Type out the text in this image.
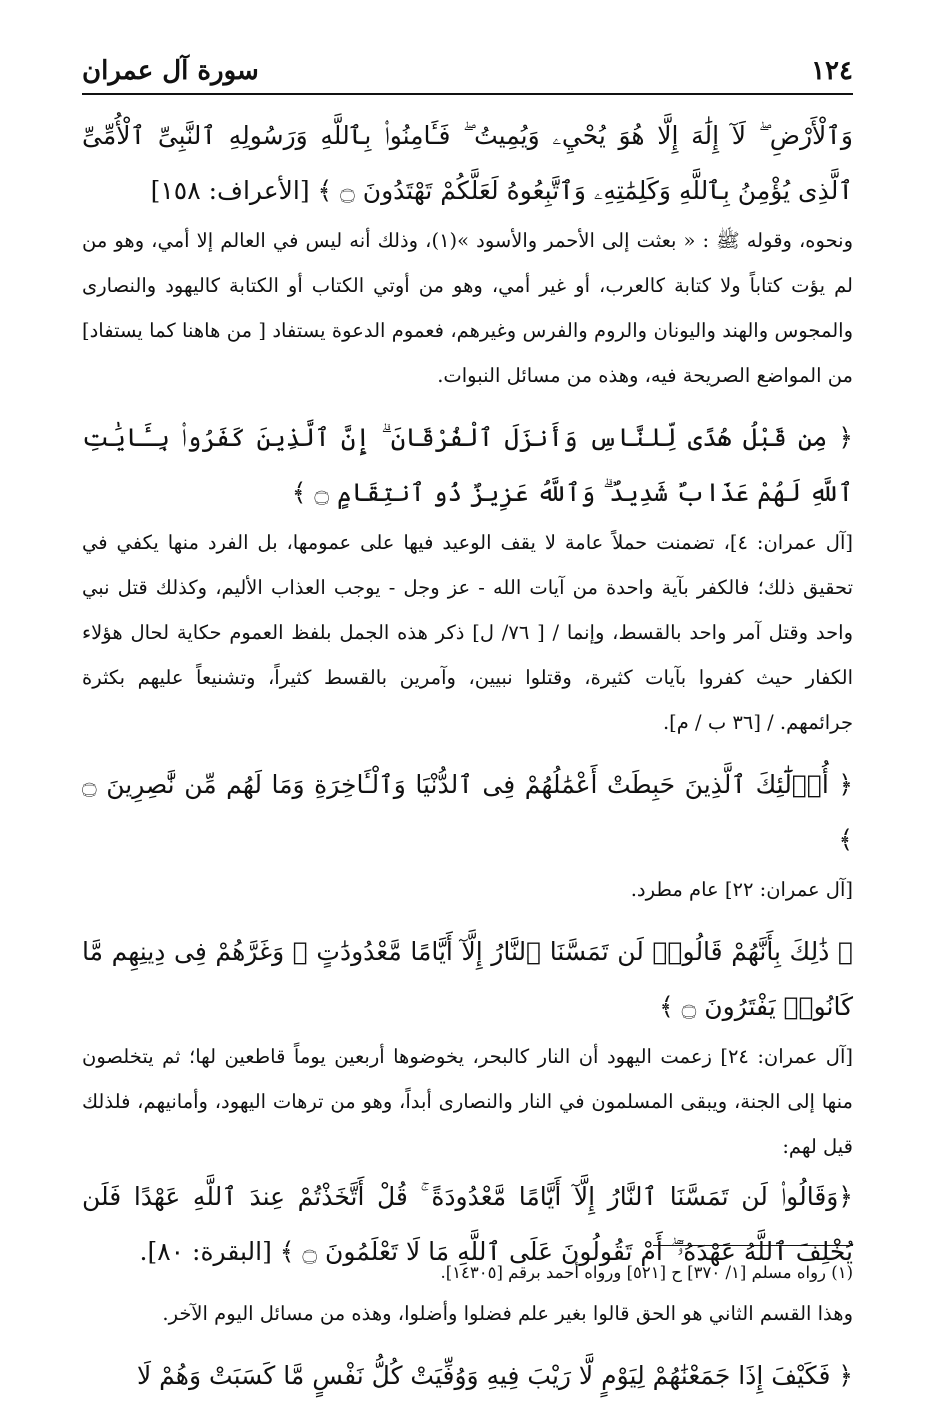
١٢٤
سورة آل عمران

وَٱلْأَرْضِ ۖ لَآ إِلَٰهَ إِلَّا هُوَ يُحْيِۦ وَيُمِيتُ ۖ فَـَٔامِنُوا۟ بِٱللَّهِ وَرَسُولِهِ ٱلنَّبِىِّ ٱلْأُمِّىِّ ٱلَّذِى يُؤْمِنُ بِٱللَّهِ وَكَلِمَٰتِهِۦ وَٱتَّبِعُوهُ لَعَلَّكُمْ تَهْتَدُونَ ۝ ﴾ [الأعراف: ١٥٨]

ونحوه، وقوله ﷺ : « بعثت إلى الأحمر والأسود »(١)، وذلك أنه ليس في العالم إلا أمي، وهو من لم يؤت كتاباً ولا كتابة كالعرب، أو غير أمي، وهو من أوتي الكتاب أو الكتابة كاليهود والنصارى والمجوس والهند واليونان والروم والفرس وغيرهم، فعموم الدعوة يستفاد [ من هاهنا كما يستفاد] من المواضع الصريحة فيه، وهذه من مسائل النبوات.

﴿ مِن قَبْلُ هُدًى لِّلنَّاسِ وَأَنزَلَ ٱلْفُرْقَانَ ۗ إِنَّ ٱلَّذِينَ كَفَرُوا۟ بِـَٔايَٰتِ ٱللَّهِ لَهُمْ عَذَابٌ شَدِيدٌ ۗ وَٱللَّهُ عَزِيزٌ ذُو ٱنتِقَامٍ ۝ ﴾

[آل عمران: ٤]، تضمنت حملاً عامة لا يقف الوعيد فيها على عمومها، بل الفرد منها يكفي في تحقيق ذلك؛ فالكفر بآية واحدة من آيات الله - عز وجل - يوجب العذاب الأليم، وكذلك قتل نبي واحد وقتل آمر واحد بالقسط، وإنما / [ ٧٦/ ل] ذكر هذه الجمل بلفظ العموم حكاية لحال هؤلاء الكفار حيث كفروا بآيات كثيرة، وقتلوا نبيين، وآمرين بالقسط كثيراً، وتشنيعاً عليهم بكثرة جرائمهم. / [٣٦ ب / م].

﴿ أُو۟لَٰٓئِكَ ٱلَّذِينَ حَبِطَتْ أَعْمَٰلُهُمْ فِى ٱلدُّنْيَا وَٱلْـَٔاخِرَةِ وَمَا لَهُم مِّن نَّٰصِرِينَ ۝ ﴾

[آل عمران: ٢٢] عام مطرد.

﴿ ذَٰلِكَ بِأَنَّهُمْ قَالُوا۟ لَن تَمَسَّنَا ٱلنَّارُ إِلَّآ أَيَّامًا مَّعْدُودَٰتٍ ۖ وَغَرَّهُمْ فِى دِينِهِم مَّا كَانُوا۟ يَفْتَرُونَ ۝ ﴾

[آل عمران: ٢٤] زعمت اليهود أن النار كالبحر، يخوضوها أربعين يوماً قاطعين لها؛ ثم يتخلصون منها إلى الجنة، ويبقى المسلمون في النار والنصارى أبداً، وهو من ترهات اليهود، وأمانيهم، فلذلك قيل لهم:

﴿وَقَالُوا۟ لَن تَمَسَّنَا ٱلنَّارُ إِلَّآ أَيَّامًا مَّعْدُودَةً ۚ قُلْ أَتَّخَذْتُمْ عِندَ ٱللَّهِ عَهْدًا فَلَن يُخْلِفَ ٱللَّهُ عَهْدَهُۥٓ ۖ أَمْ تَقُولُونَ عَلَى ٱللَّهِ مَا لَا تَعْلَمُونَ ۝ ﴾ [البقرة: ٨٠].

وهذا القسم الثاني هو الحق قالوا بغير علم فضلوا وأضلوا، وهذه من مسائل اليوم الآخر.

﴿ فَكَيْفَ إِذَا جَمَعْنَٰهُمْ لِيَوْمٍ لَّا رَيْبَ فِيهِ وَوُفِّيَتْ كُلُّ نَفْسٍ مَّا كَسَبَتْ وَهُمْ لَا

(١) رواه مسلم [١/ ٣٧٠] ح [٥٢١] ورواه أحمد برقم [١٤٣٠٥].
